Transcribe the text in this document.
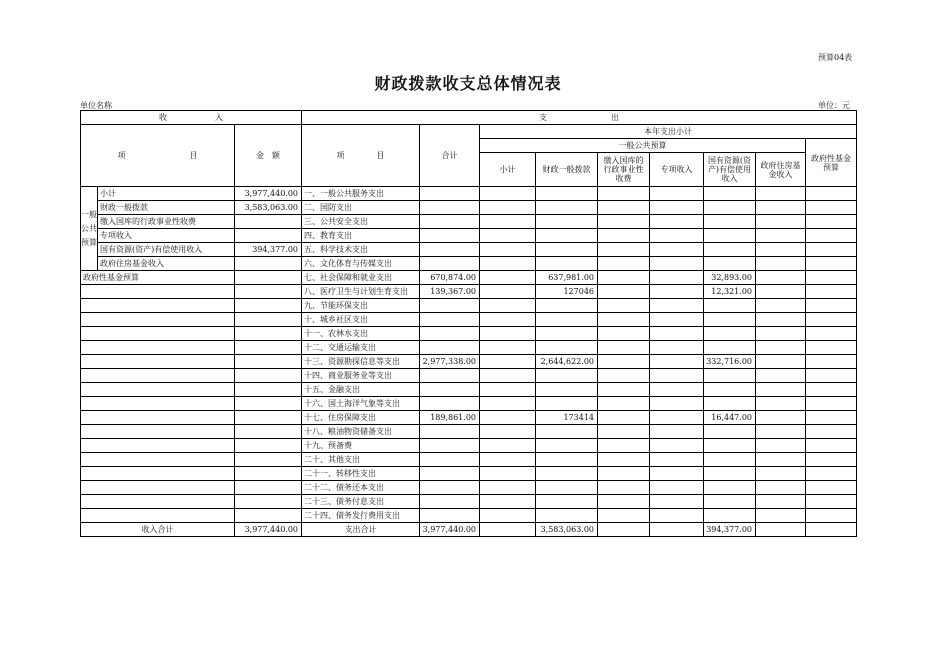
预算04表
财政拨款收支总体情况表
单位名称	单位：元
收　　　　　　入			支　　　　　　　　出								
项　　　　　　　　目		金　额	项　　　　目	合计	本年支出小计						
					一般公共预算						政府性基金预算
					小计	财政一般拨款	缴入国库的行政事业性收费	专项收入	国有资源(资产)有偿使用收入	政府住房基金收入	

一般公共预算	小计	3,977,440.00	一、一般公共服务支出								
	财政一般拨款	3,583,063.00	二、国防支出								
	缴入国库的行政事业性收费		三、公共安全支出								
	专项收入		四、教育支出								
	国有资源(资产)有偿使用收入	394,377.00	五、科学技术支出								
	政府住房基金收入		六、文化体育与传媒支出								
政府性基金预算			七、社会保障和就业支出	670,874.00		637,981.00			32,893.00		
			八、医疗卫生与计划生育支出	139,367.00		127046			12,321.00		
			九、节能环保支出								
			十、城乡社区支出								
			十一、农林水支出								
			十二、交通运输支出								
			十三、资源勘探信息等支出	2,977,338.00		2,644,622.00			332,716.00		
			十四、商业服务业等支出								
			十五、金融支出								
			十六、国土海洋气象等支出								
			十七、住房保障支出	189,861.00		173414			16,447.00		
			十八、粮油物资储备支出								
			十九、预备费								
			二十、其他支出								
			二十一、转移性支出								
			二十二、债务还本支出								
			二十三、债务付息支出								
			二十四、债务发行费用支出								
收入合计		3,977,440.00	支出合计	3,977,440.00		3,583,063.00			394,377.00		
